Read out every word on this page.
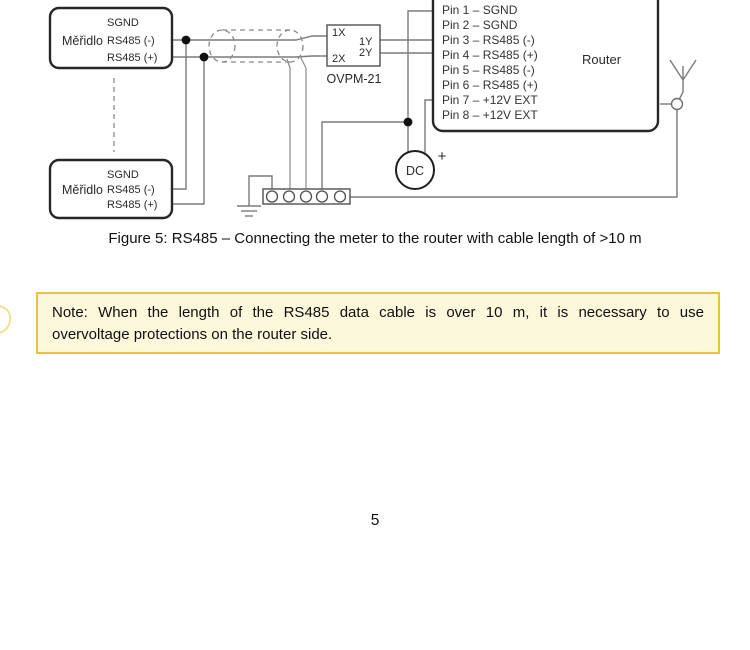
Měřidlo
SGND
RS485 (-)
RS485 (+)
Měřidlo
SGND
RS485 (-)
RS485 (+)
1X
2X
1Y
2Y
OVPM-21
Pin 1 – SGND
Pin 2 – SGND
Pin 3 – RS485 (-)
Pin 4 – RS485 (+)
Pin 5 – RS485 (-)
Pin 6 – RS485 (+)
Pin 7 – +12V EXT
Pin 8 – +12V EXT
Router
DC
+
Figure 5: RS485 – Connecting the meter to the router with cable length of >10 m
Note: When the length of the RS485 data cable is over 10 m, it is necessary to use
overvoltage protections on the router side.
5
